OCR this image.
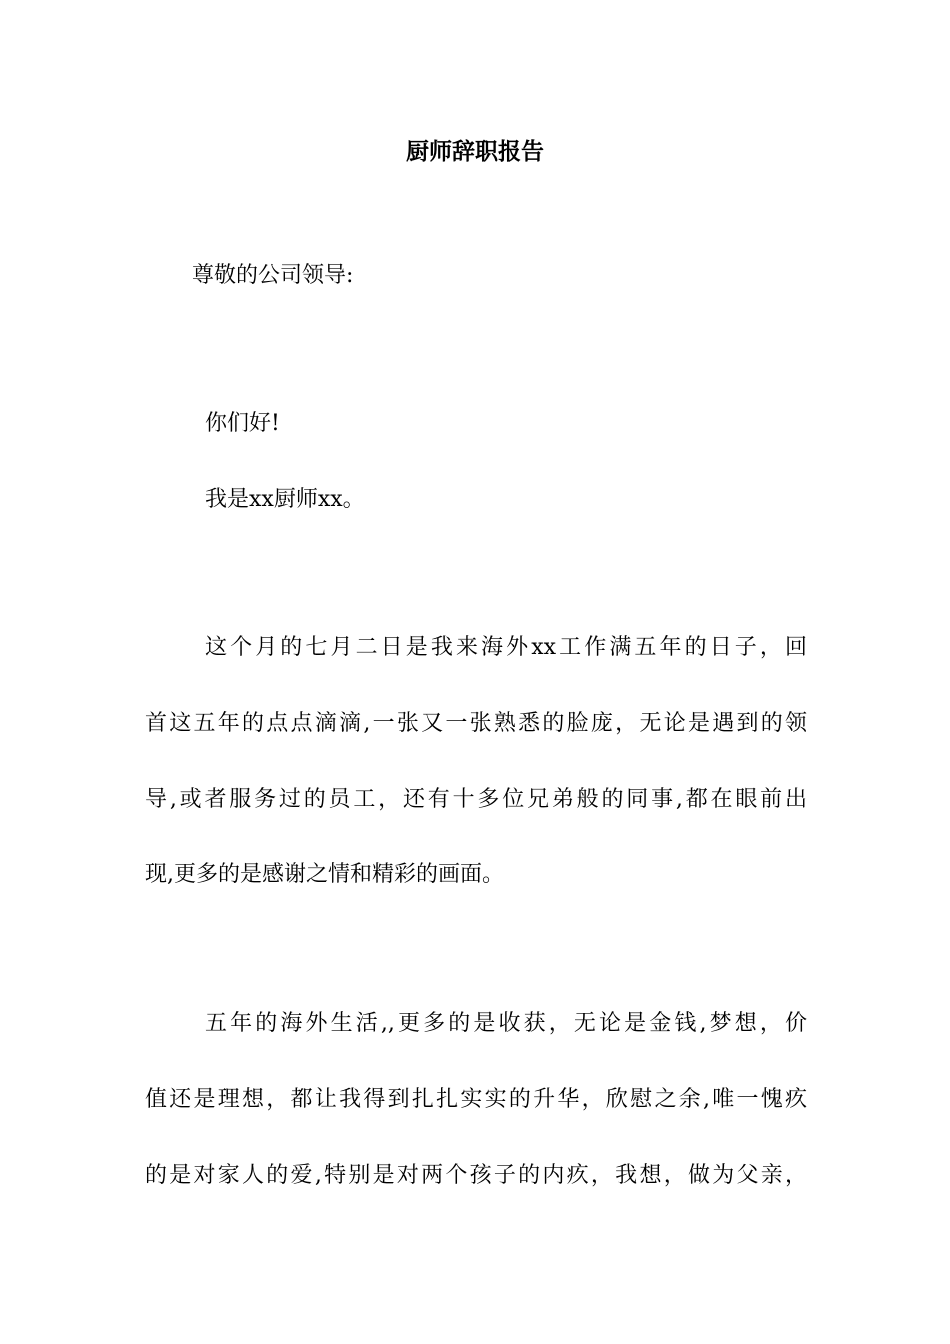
厨师辞职报告
尊敬的公司领导:
你们好!
我是xx厨师xx。
这个月的七月二日是我来海外xx工作满五年的日子，回
首这五年的点点滴滴,一张又一张熟悉的脸庞，无论是遇到的领
导,或者服务过的员工，还有十多位兄弟般的同事,都在眼前出
现,更多的是感谢之情和精彩的画面。
五年的海外生活,,更多的是收获，无论是金钱,梦想，价
值还是理想，都让我得到扎扎实实的升华，欣慰之余,唯一愧疚
的是对家人的爱,特别是对两个孩子的内疚，我想，做为父亲，
